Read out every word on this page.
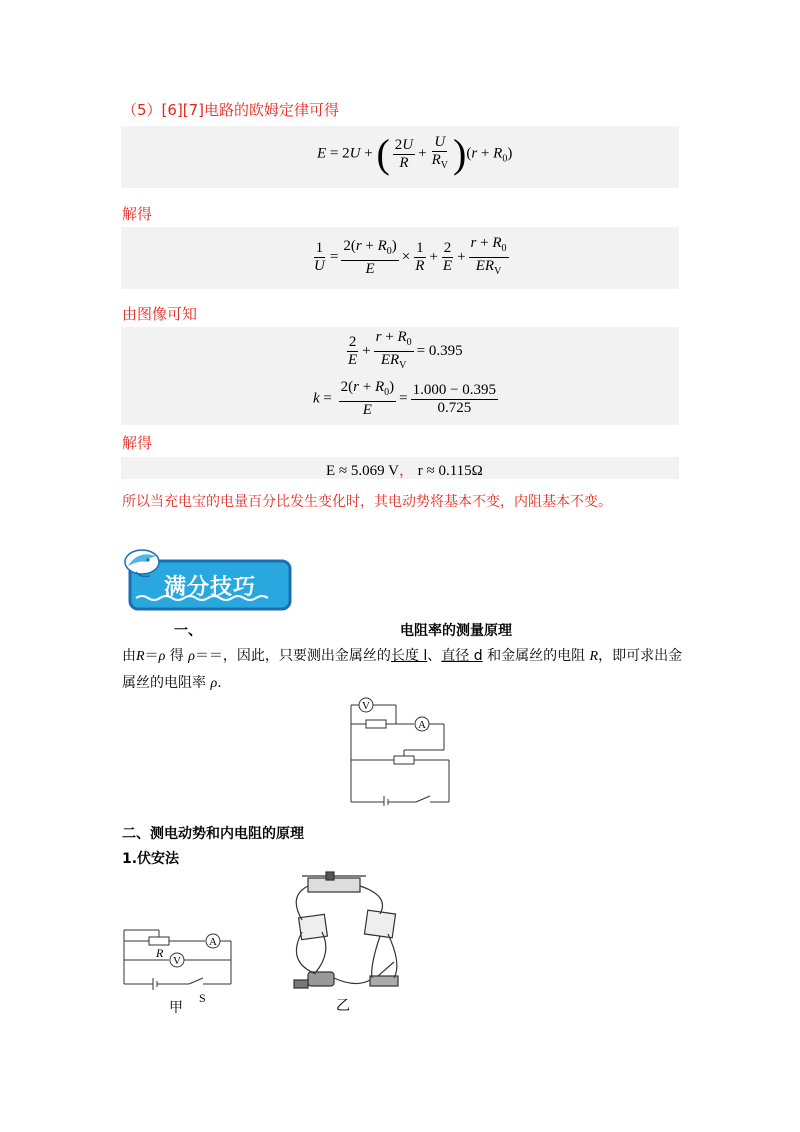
（5）[6][7]电路的欧姆定律可得
E = 2U + ( $\frac{2U}{R} + \frac{U}{R_V} )(r + R_0)$
解得
$\frac{1}{U} = \frac{2(r + R_0)}{E} \times \frac{1}{R} + \frac{2}{E} + \frac{r + R_0}{ER_V}$
由图像可知
$\frac{2}{E} + \frac{r + R_0}{ER_V} = 0.395$
$k = \frac{2(r + R_0)}{E} = \frac{1.000 - 0.395}{0.725}$
解得
E ≈ 5.069 V， r ≈ 0.115Ω
所以当充电宝的电量百分比发生变化时，其电动势将基本不变，内阻基本不变。
满分技巧
一、	电阻率的测量原理
由R＝ρ 得 ρ＝＝，因此，只要测出金属丝的长度 l、直径 d 和金属丝的电阻 R，即可求出金
属丝的电阻率 ρ.
V
A
二、测电动势和内电阻的原理
1.伏安法
A
V
R
S
甲	乙
